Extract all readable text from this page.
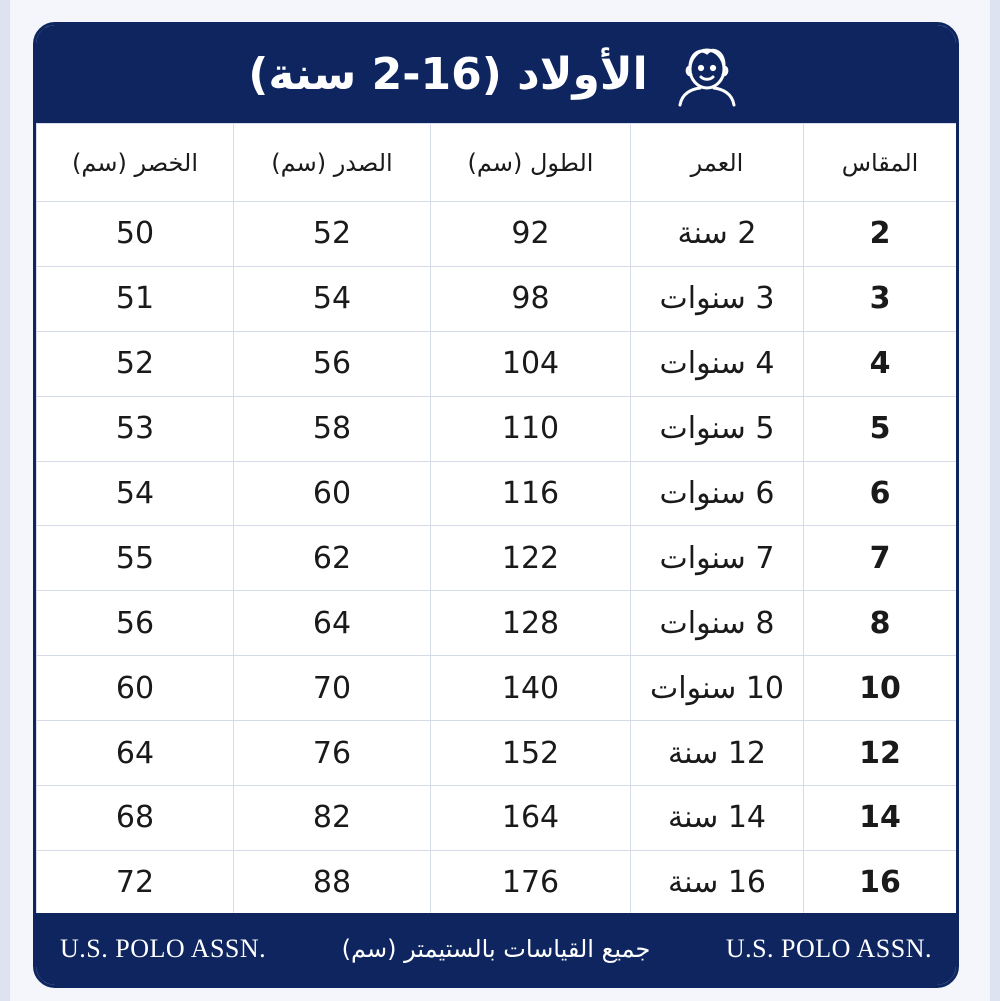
الأولاد (16-2 سنة)
المقاس	العمر	الطول (سم)	الصدر (سم)	الخصر (سم)
2	2 سنة	92	52	50
3	3 سنوات	98	54	51
4	4 سنوات	104	56	52
5	5 سنوات	110	58	53
6	6 سنوات	116	60	54
7	7 سنوات	122	62	55
8	8 سنوات	128	64	56
10	10 سنوات	140	70	60
12	12 سنة	152	76	64
14	14 سنة	164	82	68
16	16 سنة	176	88	72
U.S. POLO ASSN.	جميع القياسات بالستيمتر (سم)	U.S. POLO ASSN.
